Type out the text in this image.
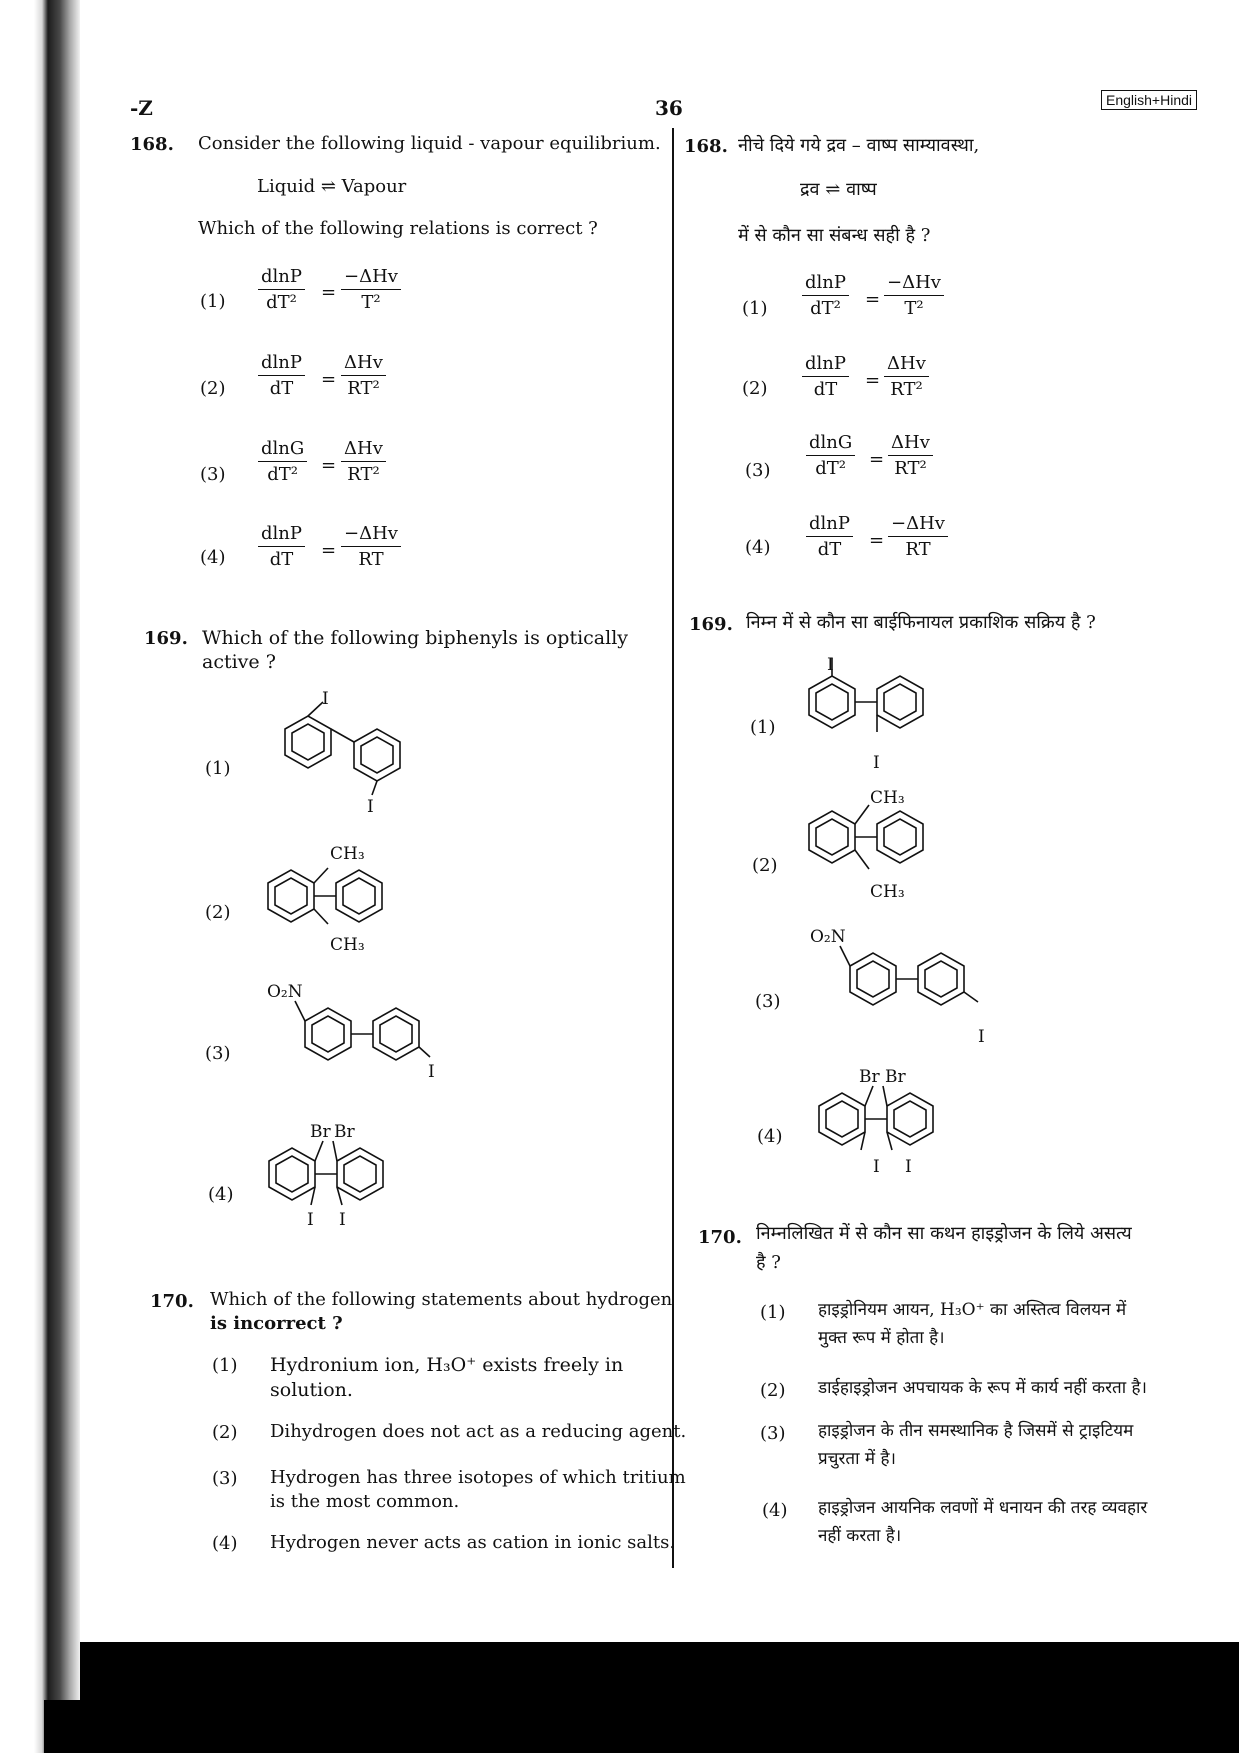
-Z	36	English+Hindi
168. Consider the following liquid - vapour equilibrium.
Liquid ⇌ Vapour
Which of the following relations is correct ?
$(1) \frac{dlnP}{\text{dT²}}$ =
−ΔHv
T²
$(2) \frac{dlnP}{dT}$ =
ΔHv
RT²
$(3) \frac{dlnG}{\text{dT²}}$ =
ΔHv
RT²
$(4) \frac{dlnP}{dT}$ =
−ΔHv
RT
169. Which of the following biphenyls is optically
active ?
(1)
(2)
(3)
(4)
I
I
CH₃
CH₃
O₂N
I
Br Br
I I
170. Which of the following statements about hydrogen
is incorrect ?
(1) Hydronium ion, H₃O⁺ exists freely in
solution.
(2) Dihydrogen does not act as a reducing agent.
(3) Hydrogen has three isotopes of which tritium
is the most common.
(4) Hydrogen never acts as cation in ionic salts.
168. नीचे दिये गये द्रव – वाष्प साम्यावस्था,
द्रव ⇌ वाष्प
में से कौन सा संबन्ध सही है ?
$(1) \frac{dlnP}{\text{dT²}}$ =
−ΔHv
T²
$(2) \frac{dlnP}{dT}$ =
ΔHv
RT²
$(3) \frac{dlnG}{\text{dT²}}$ =
ΔHv
RT²
$(4) \frac{dlnP}{dT}$ =
−ΔHv
RT
169. निम्न में से कौन सा बाईफिनायल प्रकाशिक सक्रिय है ?
(1)
(2)
(3)
(4)
I
I
CH₃
CH₃
O₂N
I
Br Br
I I
170. निम्नलिखित में से कौन सा कथन हाइड्रोजन के लिये असत्य
है ?
(1) हाइड्रोनियम आयन, H₃O⁺ का अस्तित्व विलयन में
मुक्त रूप में होता है।
(2) डाईहाइड्रोजन अपचायक के रूप में कार्य नहीं करता है।
(3) हाइड्रोजन के तीन समस्थानिक है जिसमें से ट्राइटियम
प्रचुरता में है।
(4) हाइड्रोजन आयनिक लवणों में धनायन की तरह व्यवहार
नहीं करता है।
